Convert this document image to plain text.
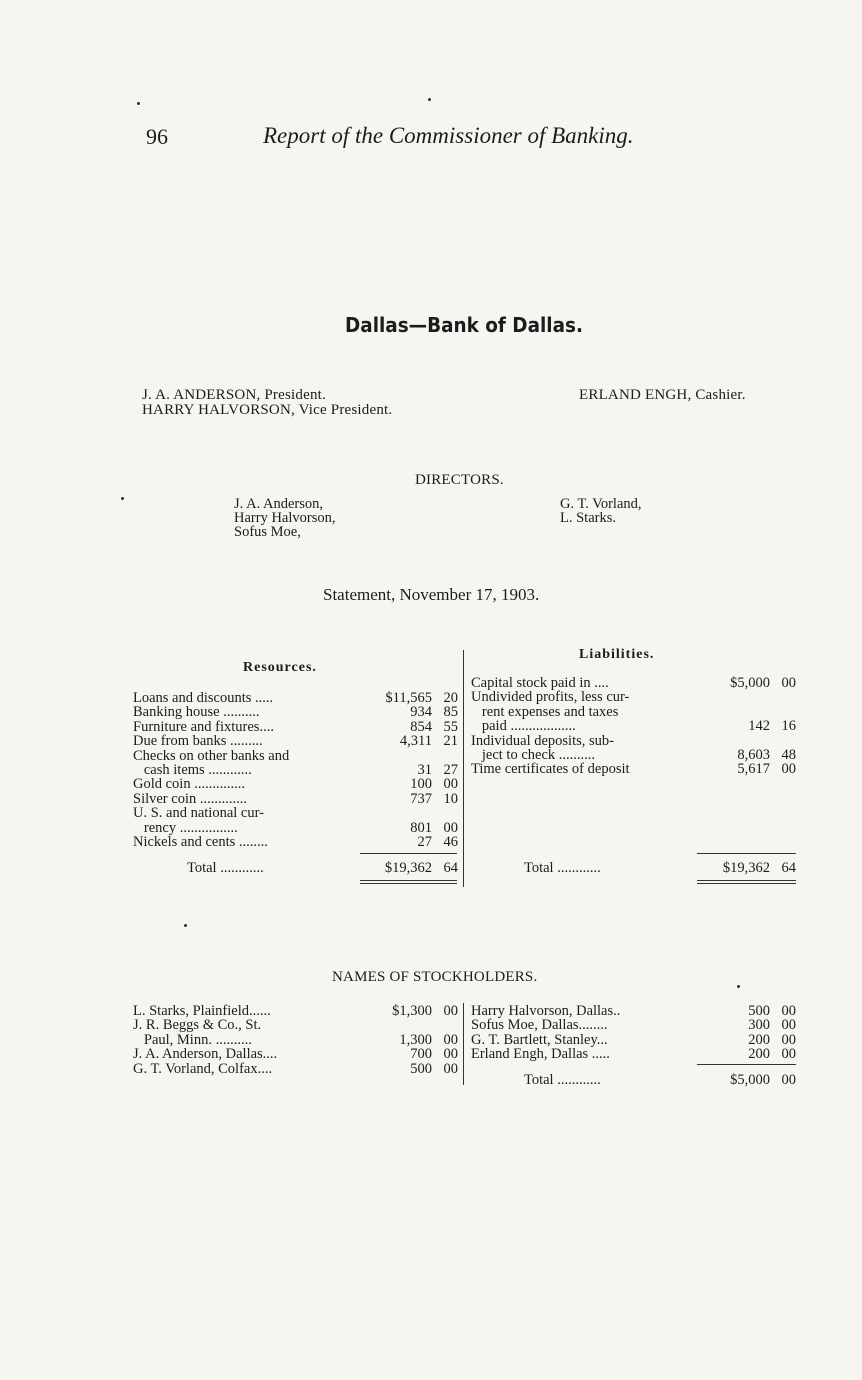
96	Report of the Commissioner of Banking.
Dallas—Bank of Dallas.
J. A. ANDERSON, President.
HARRY HALVORSON, Vice President.
ERLAND ENGH, Cashier.
DIRECTORS.
J. A. Anderson,
Harry Halvorson,
Sofus Moe,
G. T. Vorland,
L. Starks.
Statement, November 17, 1903.
Resources.
Loans and discounts .....	$11,565 20
Banking house ..........	934 85
Furniture and fixtures....	854 55
Due from banks .........	4,311 21
Checks on other banks and
cash items ............	31 27
Gold coin ..............	100 00
Silver coin .............	737 10
U. S. and national cur-
rency ................	801 00
Nickels and cents ........	27 46
Total ............	$19,362 64
Liabilities.
Capital stock paid in ....	$5,000 00
Undivided profits, less cur-
rent expenses and taxes
paid ..................	142 16
Individual deposits, sub-
ject to check ..........	8,603 48
Time certificates of deposit	5,617 00
Total ............	$19,362 64
NAMES OF STOCKHOLDERS.
L. Starks, Plainfield......	$1,300 00
J. R. Beggs & Co., St.
Paul, Minn. ..........	1,300 00
J. A. Anderson, Dallas....	700 00
G. T. Vorland, Colfax....	500 00
Harry Halvorson, Dallas..	500 00
Sofus Moe, Dallas........	300 00
G. T. Bartlett, Stanley...	200 00
Erland Engh, Dallas .....	200 00
Total ............	$5,000 00
